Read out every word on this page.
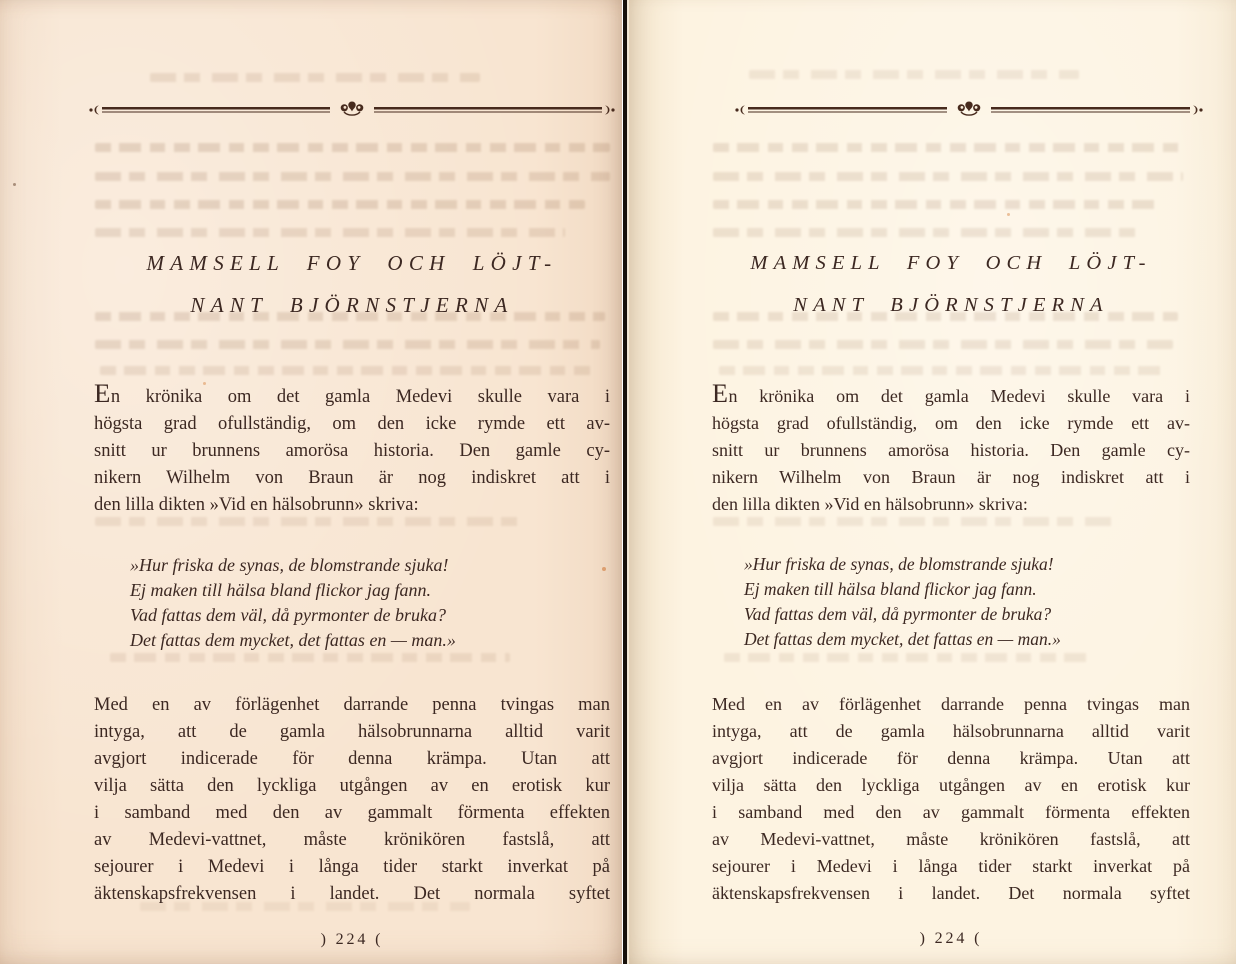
MAMSELL FOY OCH LÖJT-
NANT BJÖRNSTJERNA
En krönika om det gamla Medevi skulle vara i
högsta grad ofullständig, om den icke rymde ett av-
snitt ur brunnens amorösa historia. Den gamle cy-
nikern Wilhelm von Braun är nog indiskret att i
den lilla dikten »Vid en hälsobrunn» skriva:
»Hur friska de synas, de blomstrande sjuka!
Ej maken till hälsa bland flickor jag fann.
Vad fattas dem väl, då pyrmonter de bruka?
Det fattas dem mycket, det fattas en — man.»
Med en av förlägenhet darrande penna tvingas man
intyga, att de gamla hälsobrunnarna alltid varit
avgjort indicerade för denna krämpa. Utan att
vilja sätta den lyckliga utgången av en erotisk kur
i samband med den av gammalt förmenta effekten
av Medevi-vattnet, måste krönikören fastslå, att
sejourer i Medevi i långa tider starkt inverkat på
äktenskapsfrekvensen i landet. Det normala syftet
) 224 (
MAMSELL FOY OCH LÖJT-
NANT BJÖRNSTJERNA
En krönika om det gamla Medevi skulle vara i
högsta grad ofullständig, om den icke rymde ett av-
snitt ur brunnens amorösa historia. Den gamle cy-
nikern Wilhelm von Braun är nog indiskret att i
den lilla dikten »Vid en hälsobrunn» skriva:
»Hur friska de synas, de blomstrande sjuka!
Ej maken till hälsa bland flickor jag fann.
Vad fattas dem väl, då pyrmonter de bruka?
Det fattas dem mycket, det fattas en — man.»
Med en av förlägenhet darrande penna tvingas man
intyga, att de gamla hälsobrunnarna alltid varit
avgjort indicerade för denna krämpa. Utan att
vilja sätta den lyckliga utgången av en erotisk kur
i samband med den av gammalt förmenta effekten
av Medevi-vattnet, måste krönikören fastslå, att
sejourer i Medevi i långa tider starkt inverkat på
äktenskapsfrekvensen i landet. Det normala syftet
) 224 (
